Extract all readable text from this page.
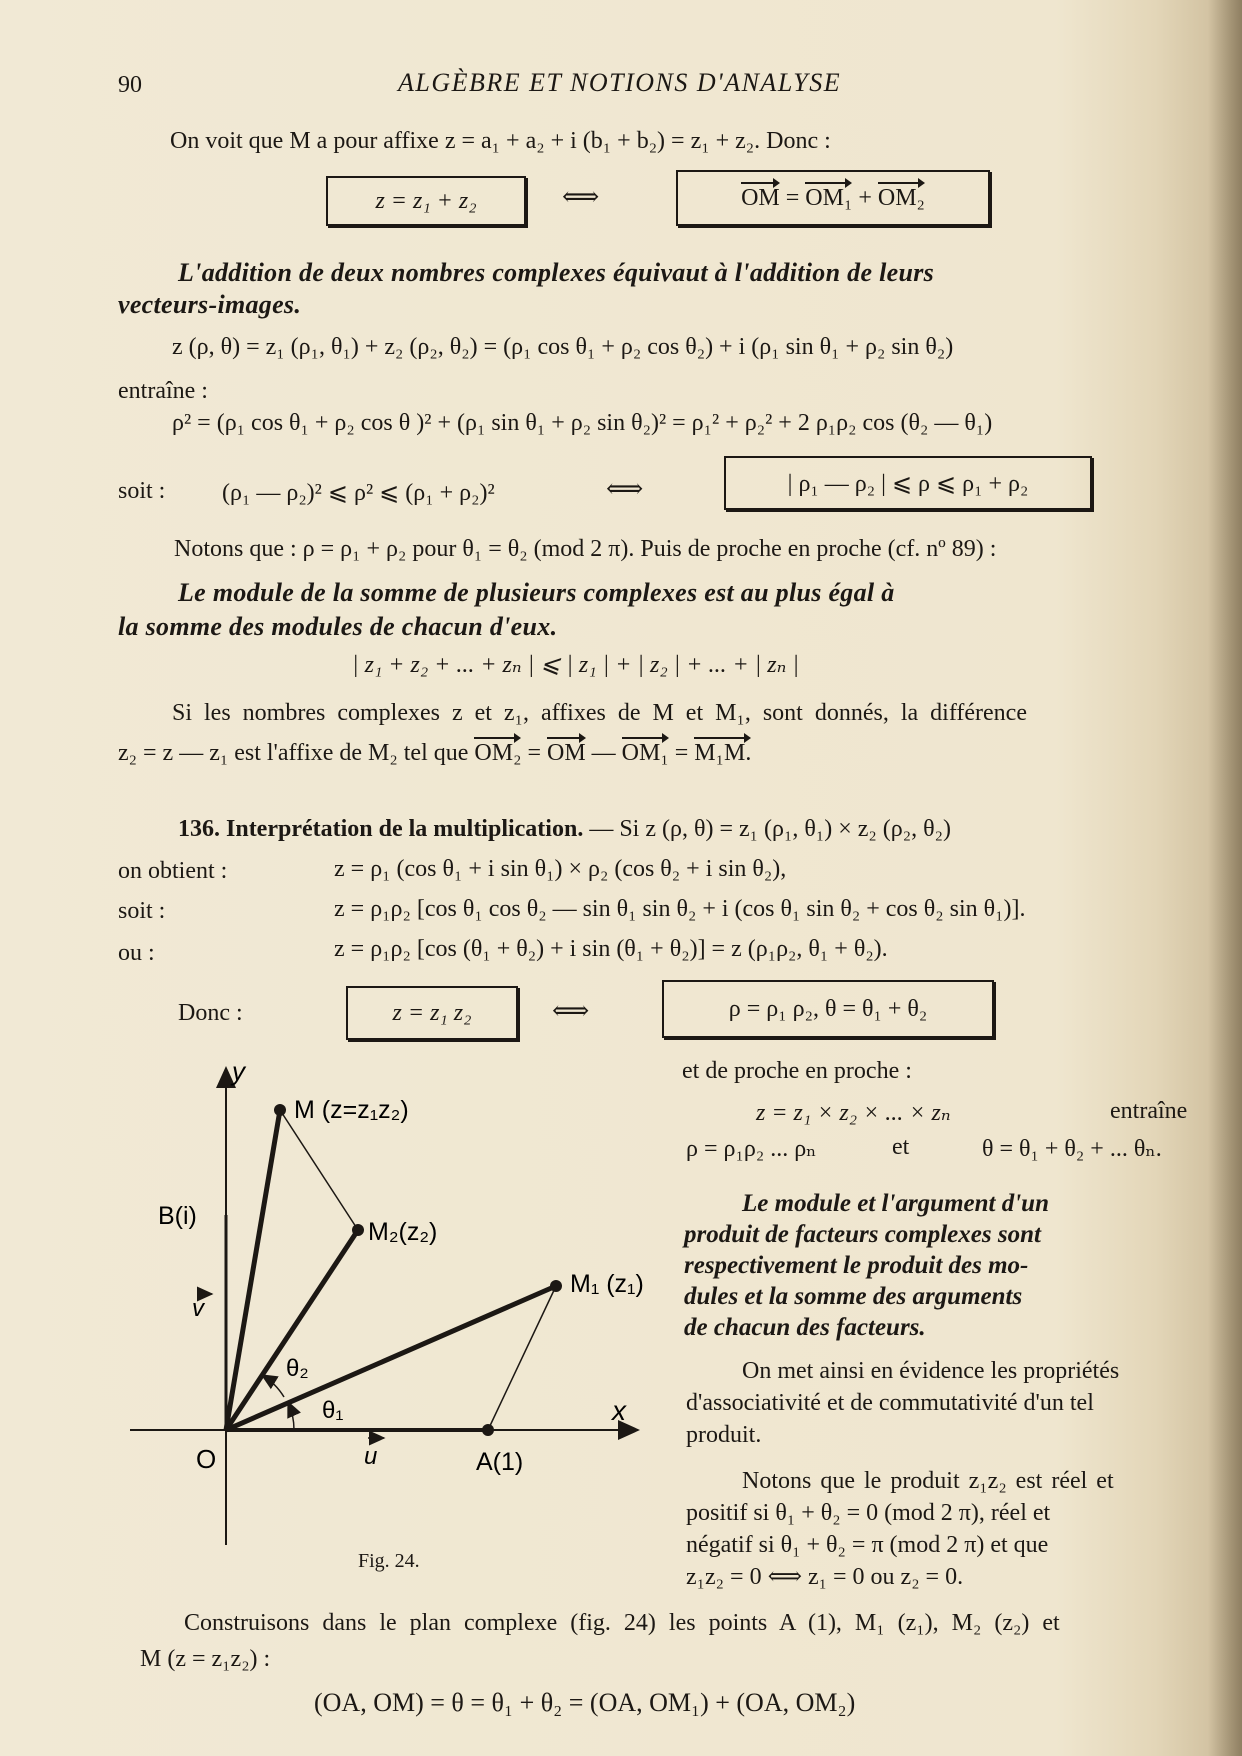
90	ALGÈBRE ET NOTIONS D'ANALYSE
On voit que M a pour affixe z = a₁ + a₂ + i (b₁ + b₂) = z₁ + z₂. Donc :
z = z₁ + z₂	⟺	OM = OM₁ + OM₂
L'addition de deux nombres complexes équivaut à l'addition de leurs
vecteurs-images.
z (ρ, θ) = z₁ (ρ₁, θ₁) + z₂ (ρ₂, θ₂) = (ρ₁ cos θ₁ + ρ₂ cos θ₂) + i (ρ₁ sin θ₁ + ρ₂ sin θ₂)
entraîne :
ρ² = (ρ₁ cos θ₁ + ρ₂ cos θ )² + (ρ₁ sin θ₁ + ρ₂ sin θ₂)² = ρ₁² + ρ₂² + 2 ρ₁ρ₂ cos (θ₂ — θ₁)
soit : (ρ₁ — ρ₂)² ⩽ ρ² ⩽ (ρ₁ + ρ₂)²	⟺	| ρ₁ — ρ₂ | ⩽ ρ ⩽ ρ₁ + ρ₂
Notons que : ρ = ρ₁ + ρ₂ pour θ₁ = θ₂ (mod 2 π). Puis de proche en proche (cf. nº 89) :
Le module de la somme de plusieurs complexes est au plus égal à
la somme des modules de chacun d'eux.
| z₁ + z₂ + ... + zₙ | ⩽ | z₁ | + | z₂ | + ... + | zₙ |
Si les nombres complexes z et z₁, affixes de M et M₁, sont donnés, la différence
z₂ = z — z₁ est l'affixe de M₂ tel que OM₂ = OM — OM₁ = M₁M.
136. Interprétation de la multiplication. — Si z (ρ, θ) = z₁ (ρ₁, θ₁) × z₂ (ρ₂, θ₂)
on obtient :	z = ρ₁ (cos θ₁ + i sin θ₁) × ρ₂ (cos θ₂ + i sin θ₂),
soit :	z = ρ₁ρ₂ [cos θ₁ cos θ₂ — sin θ₁ sin θ₂ + i (cos θ₁ sin θ₂ + cos θ₂ sin θ₁)].
ou :	z = ρ₁ρ₂ [cos (θ₁ + θ₂) + i sin (θ₁ + θ₂)] = z (ρ₁ρ₂, θ₁ + θ₂).
Donc :	z = z₁ z₂	⟺	ρ = ρ₁ ρ₂, θ = θ₁ + θ₂
et de proche en proche :
z = z₁ × z₂ × ... × zₙ	entraîne
ρ = ρ₁ρ₂ ... ρₙ	et	θ = θ₁ + θ₂ + ... θₙ.
Le module et l'argument d'un
produit de facteurs complexes sont
respectivement le produit des mo-
dules et la somme des arguments
de chacun des facteurs.
On met ainsi en évidence les propriétés
d'associativité et de commutativité d'un tel
produit.
Notons que le produit z₁z₂ est réel et
positif si θ₁ + θ₂ = 0 (mod 2 π), réel et
négatif si θ₁ + θ₂ = π (mod 2 π) et que
z₁z₂ = 0 ⟺ z₁ = 0 ou z₂ = 0.
y
x
M (z=z₁z₂)
M₂(z₂)
M₁ (z₁)
B(i)
v
u
O	A(1)
θ₁
θ₂
Fig. 24.
Construisons dans le plan complexe (fig. 24) les points A (1), M₁ (z₁), M₂ (z₂) et
M (z = z₁z₂) :
(OA, OM) = θ = θ₁ + θ₂ = (OA, OM₁) + (OA, OM₂)
